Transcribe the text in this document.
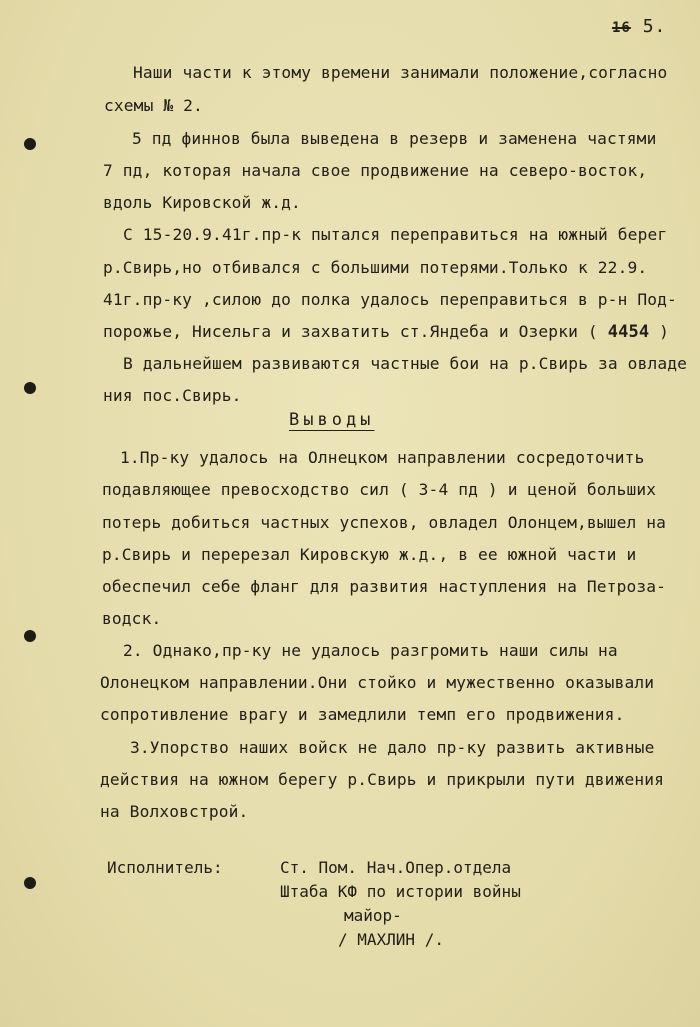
16 5.
Наши части к этому времени занимали положение,согласно
схемы № 2.
5 пд финнов была выведена в резерв и заменена частями
7 пд, которая начала свое продвижение на северо-восток,
вдоль Кировской ж.д.
С 15-20.9.41г.пр-к пытался переправиться на южный берег
р.Свирь,но отбивался с большими потерями.Только к 22.9.
41г.пр-ку ,силою до полка удалось переправиться в р-н Под-
порожье, Нисельга и захватить ст.Яндеба и Озерки ( 4454 )
В дальнейшем развиваются частные бои на р.Свирь за овладе
ния пос.Свирь.
Выводы
1.Пр-ку удалось на Олнецком направлении сосредоточить
подавляющее превосходство сил ( 3-4 пд ) и ценой больших
потерь добиться частных успехов, овладел Олонцем,вышел на
р.Свирь и перерезал Кировскую ж.д., в ее южной части и
обеспечил себе фланг для развития наступления на Петроза-
водск.
2. Однако,пр-ку не удалось разгромить наши силы на
Олонецком направлении.Они стойко и мужественно оказывали
сопротивление врагу и замедлили темп его продвижения.
3.Упорство наших войск не дало пр-ку развить активные
действия на южном берегу р.Свирь и прикрыли пути движения
на Волховстрой.
Исполнитель:	Ст. Пом. Нач.Опер.отдела
Штаба КФ по истории войны
майор-
/ МАХЛИН /.
